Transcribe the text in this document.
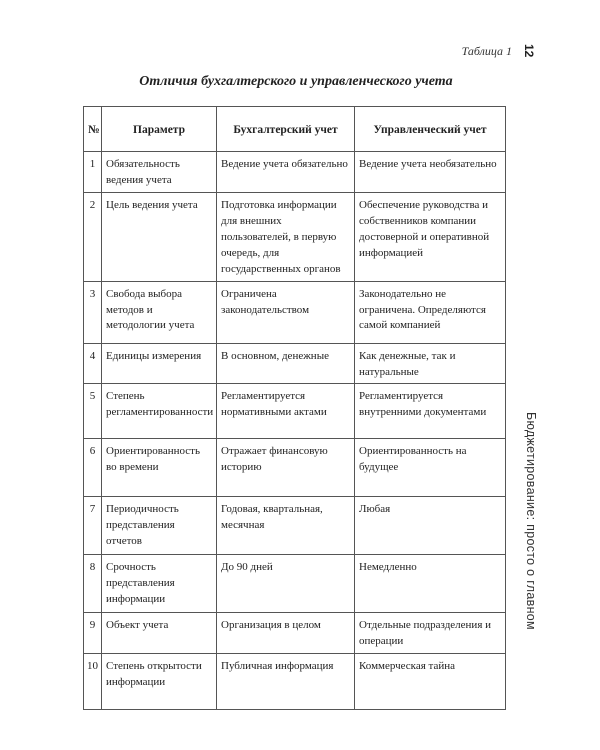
Таблица 1 12
Бюджетирование: просто о главном
Отличия бухгалтерского и управленческого учета
№	Параметр	Бухгалтерский учет	Управленческий учет
1	Обязательность ведения учета	Ведение учета обязательно	Ведение учета необязательно
2	Цель ведения учета	Подготовка информации для внешних пользователей, в первую очередь, для государственных органов	Обеспечение руководства и собственников компании достоверной и оперативной информацией
3	Свобода выбора методов и методологии учета	Ограничена законодательством	Законодательно не ограничена. Определяются самой компанией
4	Единицы измерения	В основном, денежные	Как денежные, так и натуральные
5	Степень регламентированности	Регламентируется нормативными актами	Регламентируется внутренними документами
6	Ориентированность во времени	Отражает финансовую историю	Ориентированность на будущее
7	Периодичность представления отчетов	Годовая, квартальная, месячная	Любая
8	Срочность представления информации	До 90 дней	Немедленно
9	Объект учета	Организация в целом	Отдельные подразделения и операции
10	Степень открытости информации	Публичная информация	Коммерческая тайна
